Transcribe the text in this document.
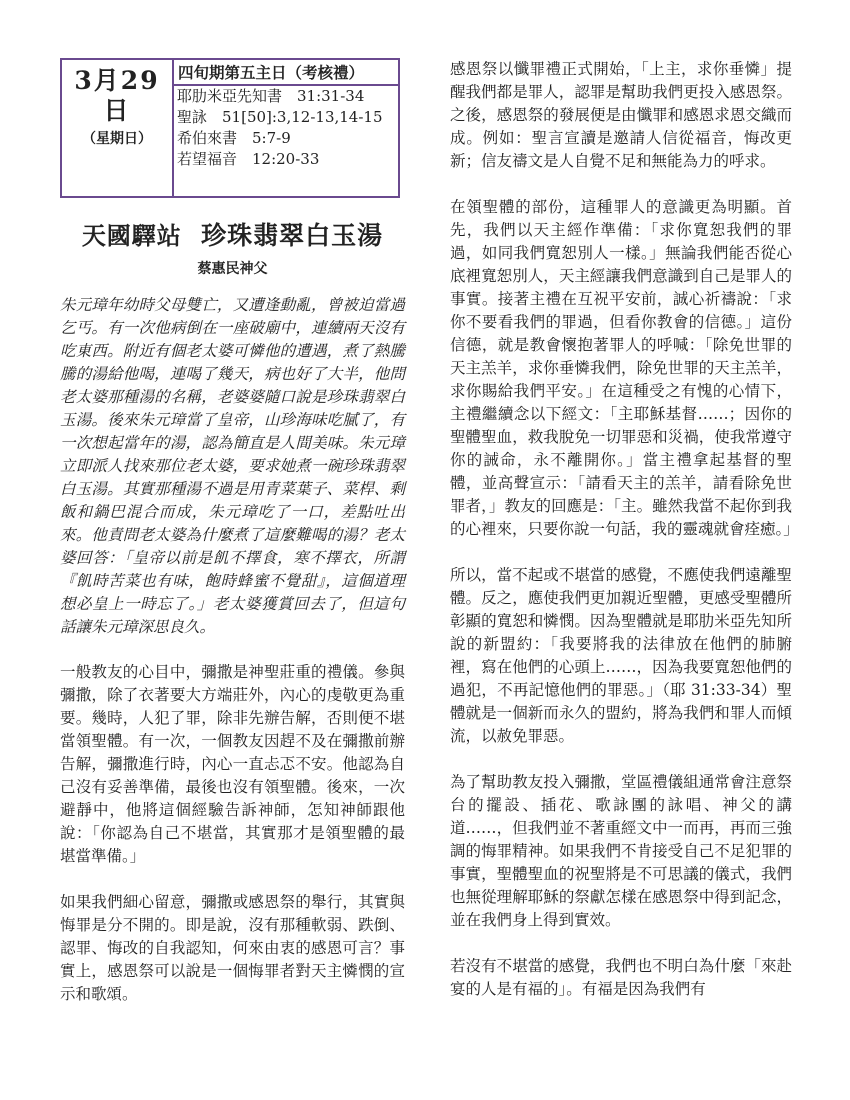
3月29日
（星期日）
四旬期第五主日（考核禮）
耶肋米亞先知書　31:31-34
聖詠　51[50]:3,12-13,14-15
希伯來書　5:7-9
若望福音　12:20-33
天國驛站 珍珠翡翠白玉湯
蔡惠民神父
朱元璋年幼時父母雙亡，又遭逢動亂，曾被迫當過乞丐。有一次他病倒在一座破廟中，連續兩天沒有吃東西。附近有個老太婆可憐他的遭遇，煮了熱騰騰的湯給他喝，連喝了幾天，病也好了大半，他問老太婆那種湯的名稱，老婆婆隨口說是珍珠翡翠白玉湯。後來朱元璋當了皇帝，山珍海味吃膩了，有一次想起當年的湯，認為簡直是人間美味。朱元璋立即派人找來那位老太婆，要求她煮一碗珍珠翡翠白玉湯。其實那種湯不過是用青菜葉子、菜桿、剩飯和鍋巴混合而成，朱元璋吃了一口，差點吐出來。他責問老太婆為什麼煮了這麼難喝的湯？老太婆回答：「皇帝以前是飢不擇食，寒不擇衣，所謂『飢時苦菜也有味，飽時蜂蜜不覺甜』，這個道理想必皇上一時忘了。」老太婆獲賞回去了，但這句話讓朱元璋深思良久。
一般教友的心目中，彌撒是神聖莊重的禮儀。參與彌撒，除了衣著要大方端莊外，內心的虔敬更為重要。幾時，人犯了罪，除非先辦告解，否則便不堪當領聖體。有一次，一個教友因趕不及在彌撒前辦告解，彌撒進行時，內心一直忐忑不安。他認為自己沒有妥善準備，最後也沒有領聖體。後來，一次避靜中，他將這個經驗告訴神師，怎知神師跟他說：「你認為自己不堪當，其實那才是領聖體的最堪當準備。」
如果我們細心留意，彌撒或感恩祭的舉行，其實與悔罪是分不開的。即是說，沒有那種軟弱、跌倒、認罪、悔改的自我認知，何來由衷的感恩可言？事實上，感恩祭可以說是一個悔罪者對天主憐憫的宣示和歌頌。
感恩祭以懺罪禮正式開始，「上主，求你垂憐」提醒我們都是罪人，認罪是幫助我們更投入感恩祭。之後，感恩祭的發展便是由懺罪和感恩求恩交織而成。例如：聖言宣讀是邀請人信從福音，悔改更新；信友禱文是人自覺不足和無能為力的呼求。
在領聖體的部份，這種罪人的意識更為明顯。首先，我們以天主經作準備：「求你寬恕我們的罪過，如同我們寬恕別人一樣。」無論我們能否從心底裡寬恕別人，天主經讓我們意識到自己是罪人的事實。接著主禮在互祝平安前，誠心祈禱說：「求你不要看我們的罪過，但看你教會的信德。」這份信德，就是教會懷抱著罪人的呼喊：「除免世罪的天主羔羊，求你垂憐我們，除免世罪的天主羔羊，求你賜給我們平安。」在這種受之有愧的心情下，主禮繼續念以下經文：「主耶穌基督……；因你的聖體聖血，救我脫免一切罪惡和災禍，使我常遵守你的誡命，永不離開你。」當主禮拿起基督的聖體，並高聲宣示：「請看天主的羔羊，請看除免世罪者，」教友的回應是：「主。雖然我當不起你到我的心裡來，只要你說一句話，我的靈魂就會痊癒。」
所以，當不起或不堪當的感覺，不應使我們遠離聖體。反之，應使我們更加親近聖體，更感受聖體所彰顯的寬恕和憐憫。因為聖體就是耶肋米亞先知所說的新盟約：「我要將我的法律放在他們的肺腑裡，寫在他們的心頭上……，因為我要寬恕他們的過犯，不再記憶他們的罪惡。」（耶 31:33-34）聖體就是一個新而永久的盟約，將為我們和罪人而傾流，以赦免罪惡。
為了幫助教友投入彌撒，堂區禮儀組通常會注意祭台的擺設、插花、歌詠團的詠唱、神父的講道……，但我們並不著重經文中一而再，再而三強調的悔罪精神。如果我們不肯接受自己不足犯罪的事實，聖體聖血的祝聖將是不可思議的儀式，我們也無從理解耶穌的祭獻怎樣在感恩祭中得到記念，並在我們身上得到實效。
若沒有不堪當的感覺，我們也不明白為什麼「來赴宴的人是有福的」。有福是因為我們有
